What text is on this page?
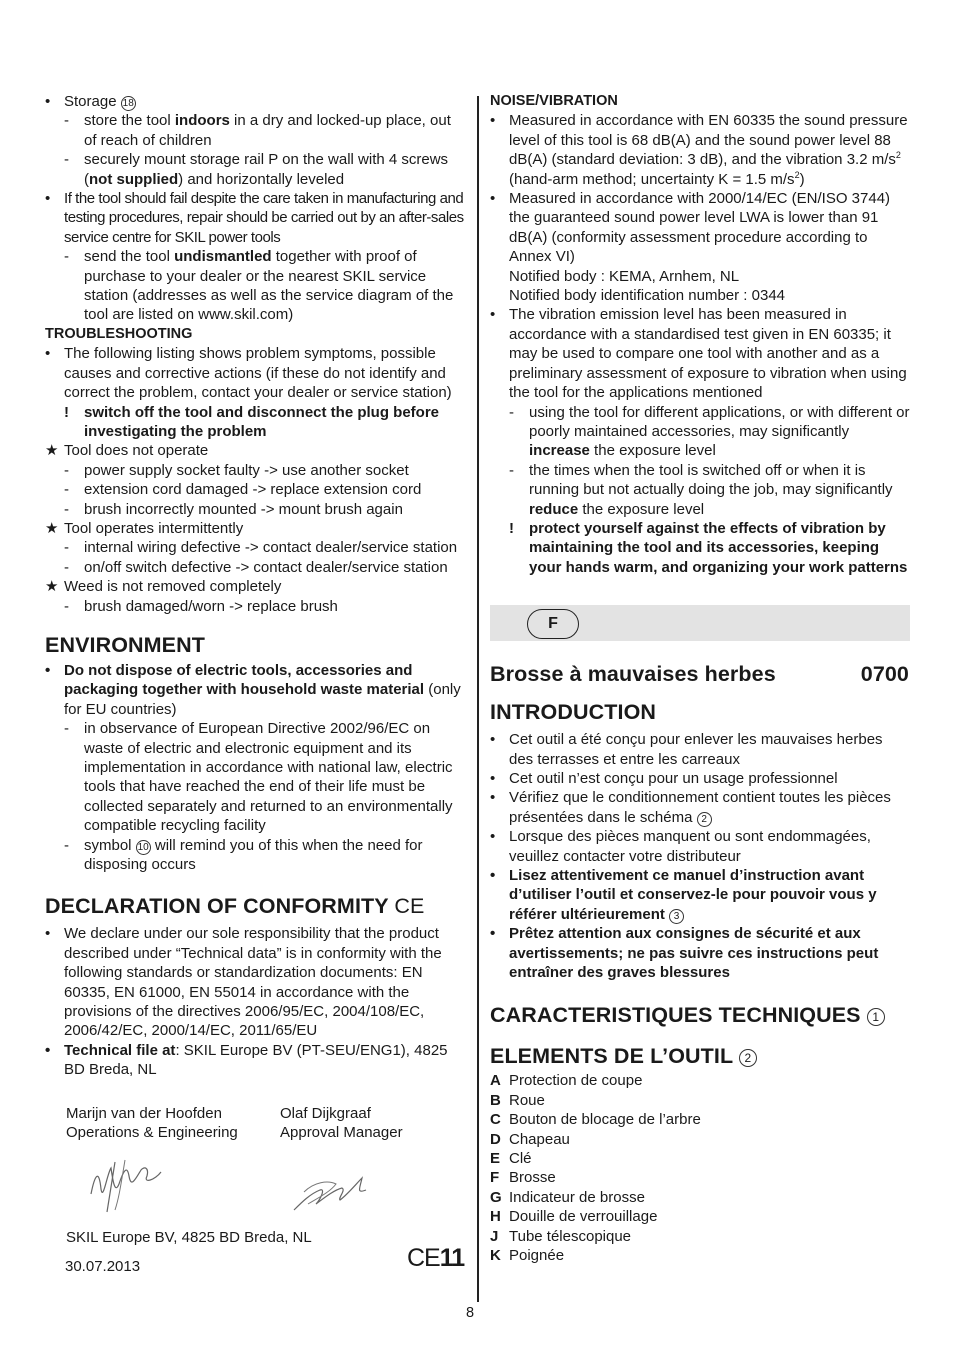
• Storage 18
- store the tool indoors in a dry and locked-up place, out of reach of children
- securely mount storage rail P on the wall with 4 screws (not supplied) and horizontally leveled
• If the tool should fail despite the care taken in manufacturing and testing procedures, repair should be carried out by an after-sales service centre for SKIL power tools
- send the tool undismantled together with proof of purchase to your dealer or the nearest SKIL service station (addresses as well as the service diagram of the tool are listed on www.skil.com)
TROUBLESHOOTING
• The following listing shows problem symptoms, possible causes and corrective actions (if these do not identify and correct the problem, contact your dealer or service station)
! switch off the tool and disconnect the plug before investigating the problem
★ Tool does not operate
- power supply socket faulty -> use another socket
- extension cord damaged -> replace extension cord
- brush incorrectly mounted -> mount brush again
★ Tool operates intermittently
- internal wiring defective -> contact dealer/service station
- on/off switch defective -> contact dealer/service station
★ Weed is not removed completely
- brush damaged/worn -> replace brush
ENVIRONMENT
• Do not dispose of electric tools, accessories and packaging together with household waste material (only for EU countries)
- in observance of European Directive 2002/96/EC on waste of electric and electronic equipment and its implementation in accordance with national law, electric tools that have reached the end of their life must be collected separately and returned to an environmentally compatible recycling facility
- symbol 10 will remind you of this when the need for disposing occurs
DECLARATION OF CONFORMITY CE
• We declare under our sole responsibility that the product described under “Technical data” is in conformity with the following standards or standardization documents: EN 60335, EN 61000, EN 55014 in accordance with the provisions of the directives 2006/95/EC, 2004/108/EC, 2006/42/EC, 2000/14/EC, 2011/65/EU
• Technical file at: SKIL Europe BV (PT-SEU/ENG1), 4825 BD Breda, NL
Marijn van der Hoofden
Operations & Engineering
Olaf Dijkgraaf
Approval Manager
SKIL Europe BV, 4825 BD Breda, NL
30.07.2013	CE11
NOISE/VIBRATION
• Measured in accordance with EN 60335 the sound pressure level of this tool is 68 dB(A) and the sound power level 88 dB(A) (standard deviation: 3 dB), and the vibration 3.2 $m/s^2$ (hand-arm method; uncertainty K = 1.5 $m/s^2$)
• Measured in accordance with 2000/14/EC (EN/ISO 3744) the guaranteed sound power level LWA is lower than 91 dB(A) (conformity assessment procedure according to Annex VI)
Notified body : KEMA, Arnhem, NL
Notified body identification number : 0344
• The vibration emission level has been measured in accordance with a standardised test given in EN 60335; it may be used to compare one tool with another and as a preliminary assessment of exposure to vibration when using the tool for the applications mentioned
- using the tool for different applications, or with different or poorly maintained accessories, may significantly increase the exposure level
- the times when the tool is switched off or when it is running but not actually doing the job, may significantly reduce the exposure level
! protect yourself against the effects of vibration by maintaining the tool and its accessories, keeping your hands warm, and organizing your work patterns
F
Brosse à mauvaises herbes	0700
INTRODUCTION
• Cet outil a été conçu pour enlever les mauvaises herbes des terrasses et entre les carreaux
• Cet outil n’est conçu pour un usage professionnel
• Vérifiez que le conditionnement contient toutes les pièces présentées dans le schéma 2
• Lorsque des pièces manquent ou sont endommagées, veuillez contacter votre distributeur
• Lisez attentivement ce manuel d’instruction avant d’utiliser l’outil et conservez-le pour pouvoir vous y référer ultérieurement 3
• Prêtez attention aux consignes de sécurité et aux avertissements; ne pas suivre ces instructions peut entraîner des graves blessures
CARACTERISTIQUES TECHNIQUES 1
ELEMENTS DE L’OUTIL 2
A Protection de coupe
B Roue
C Bouton de blocage de l’arbre
D Chapeau
E Clé
F Brosse
G Indicateur de brosse
H Douille de verrouillage
J Tube télescopique
K Poignée
8
